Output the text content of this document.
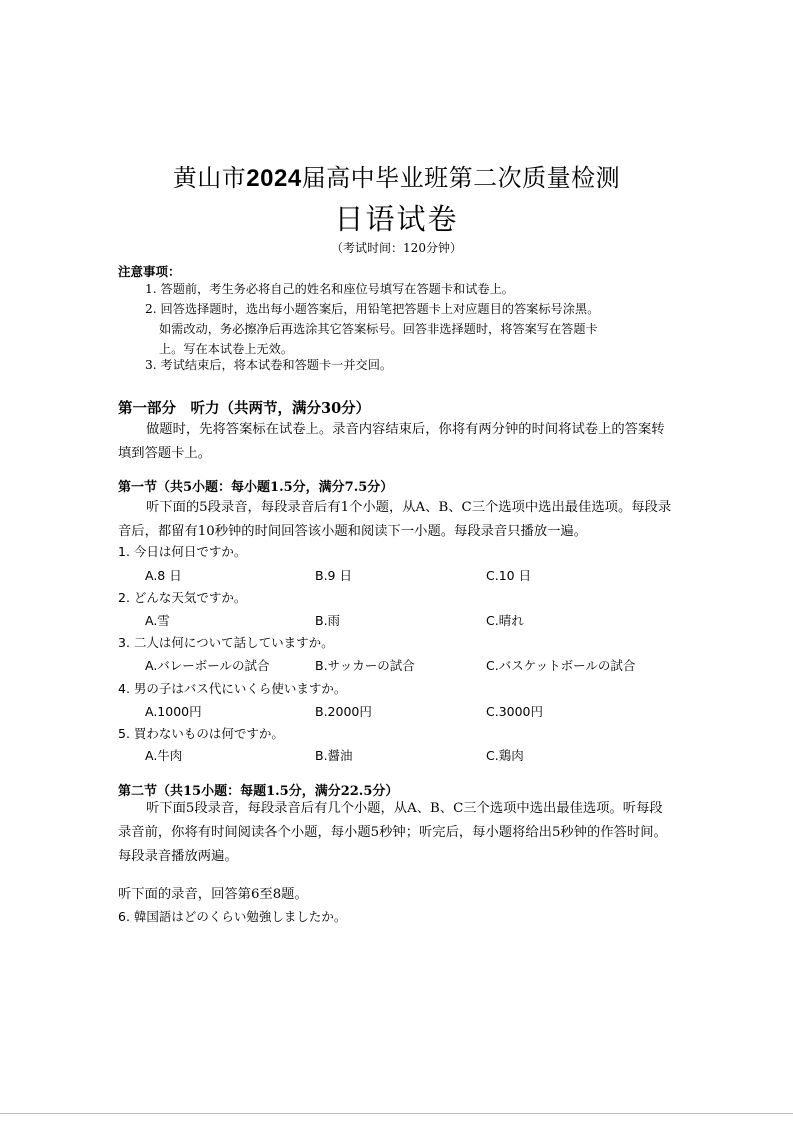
黄山市2024届高中毕业班第二次质量检测
日语试卷
（考试时间：120分钟）
注意事项：
1. 答题前，考生务必将自己的姓名和座位号填写在答题卡和试卷上。
2. 回答选择题时，选出每小题答案后，用铅笔把答题卡上对应题目的答案标号涂黑。
如需改动，务必擦净后再选涂其它答案标号。回答非选择题时，将答案写在答题卡
上。写在本试卷上无效。
3. 考试结束后，将本试卷和答题卡一并交回。
第一部分　听力（共两节，满分30分）
做题时，先将答案标在试卷上。录音内容结束后，你将有两分钟的时间将试卷上的答案转填到答题卡上。
第一节（共5小题：每小题1.5分，满分7.5分）
听下面的5段录音，每段录音后有1个小题，从A、B、C三个选项中选出最佳选项。每段录音后，都留有10秒钟的时间回答该小题和阅读下一小题。每段录音只播放一遍。
1. 今日は何日ですか。
A.8 日	B.9 日	C.10 日
2. どんな天気ですか。
A.雪	B.雨	C.晴れ
3. 二人は何について話していますか。
A.バレーボールの試合	B.サッカーの試合	C.バスケットボールの試合
4. 男の子はバス代にいくら使いますか。
A.1000円	B.2000円	C.3000円
5. 買わないものは何ですか。
A.牛肉	B.醤油	C.鶏肉
第二节（共15小题：每题1.5分，满分22.5分）
听下面5段录音，每段录音后有几个小题，从A、B、C三个选项中选出最佳选项。听每段录音前，你将有时间阅读各个小题，每小题5秒钟；听完后，每小题将给出5秒钟的作答时间。每段录音播放两遍。
听下面的录音，回答第6至8题。
6. 韓国語はどのくらい勉強しましたか。
